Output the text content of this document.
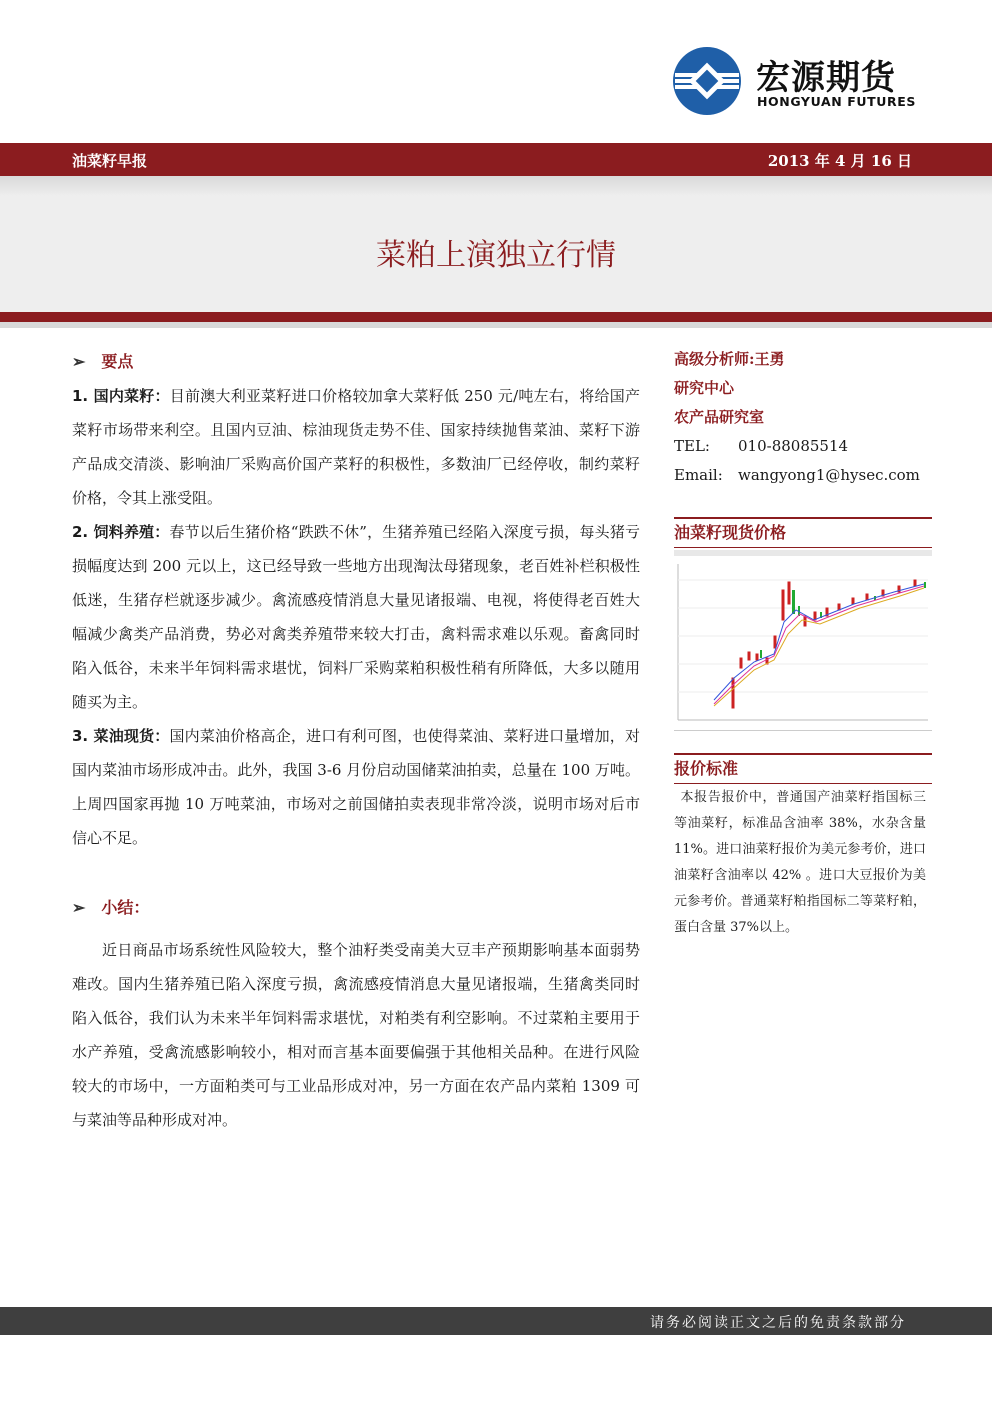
宏源期货
HONGYUAN FUTURES
油菜籽早报	2013 年 4 月 16 日
菜粕上演独立行情
➢ 要点
1. 国内菜籽：目前澳大利亚菜籽进口价格较加拿大菜籽低 250 元/吨左右，将给国产菜籽市场带来利空。且国内豆油、棕油现货走势不佳、国家持续抛售菜油、菜籽下游产品成交清淡、影响油厂采购高价国产菜籽的积极性，多数油厂已经停收，制约菜籽价格，令其上涨受阻。
2. 饲料养殖：春节以后生猪价格“跌跌不休”，生猪养殖已经陷入深度亏损，每头猪亏损幅度达到 200 元以上，这已经导致一些地方出现淘汰母猪现象，老百姓补栏积极性低迷，生猪存栏就逐步减少。禽流感疫情消息大量见诸报端、电视，将使得老百姓大幅减少禽类产品消费，势必对禽类养殖带来较大打击，禽料需求难以乐观。畜禽同时陷入低谷，未来半年饲料需求堪忧，饲料厂采购菜粕积极性稍有所降低，大多以随用随买为主。
3. 菜油现货：国内菜油价格高企，进口有利可图，也使得菜油、菜籽进口量增加，对国内菜油市场形成冲击。此外，我国 3-6 月份启动国储菜油拍卖，总量在 100 万吨。上周四国家再抛 10 万吨菜油，市场对之前国储拍卖表现非常冷淡，说明市场对后市信心不足。
➢ 小结：
近日商品市场系统性风险较大，整个油籽类受南美大豆丰产预期影响基本面弱势难改。国内生猪养殖已陷入深度亏损，禽流感疫情消息大量见诸报端，生猪禽类同时陷入低谷，我们认为未来半年饲料需求堪忧，对粕类有利空影响。不过菜粕主要用于水产养殖，受禽流感影响较小，相对而言基本面要偏强于其他相关品种。在进行风险较大的市场中，一方面粕类可与工业品形成对冲，另一方面在农产品内菜粕 1309 可与菜油等品种形成对冲。
高级分析师:王勇
研究中心
农产品研究室
TEL: 010-88085514
Email: wangyong1@hysec.com
油菜籽现货价格
报价标准
本报告报价中，普通国产油菜籽指国标三等油菜籽，标准品含油率 38%，水杂含量 11%。进口油菜籽报价为美元参考价，进口油菜籽含油率以 42% 。进口大豆报价为美元参考价。普通菜籽粕指国标二等菜籽粕，蛋白含量 37%以上。
请务必阅读正文之后的免责条款部分
